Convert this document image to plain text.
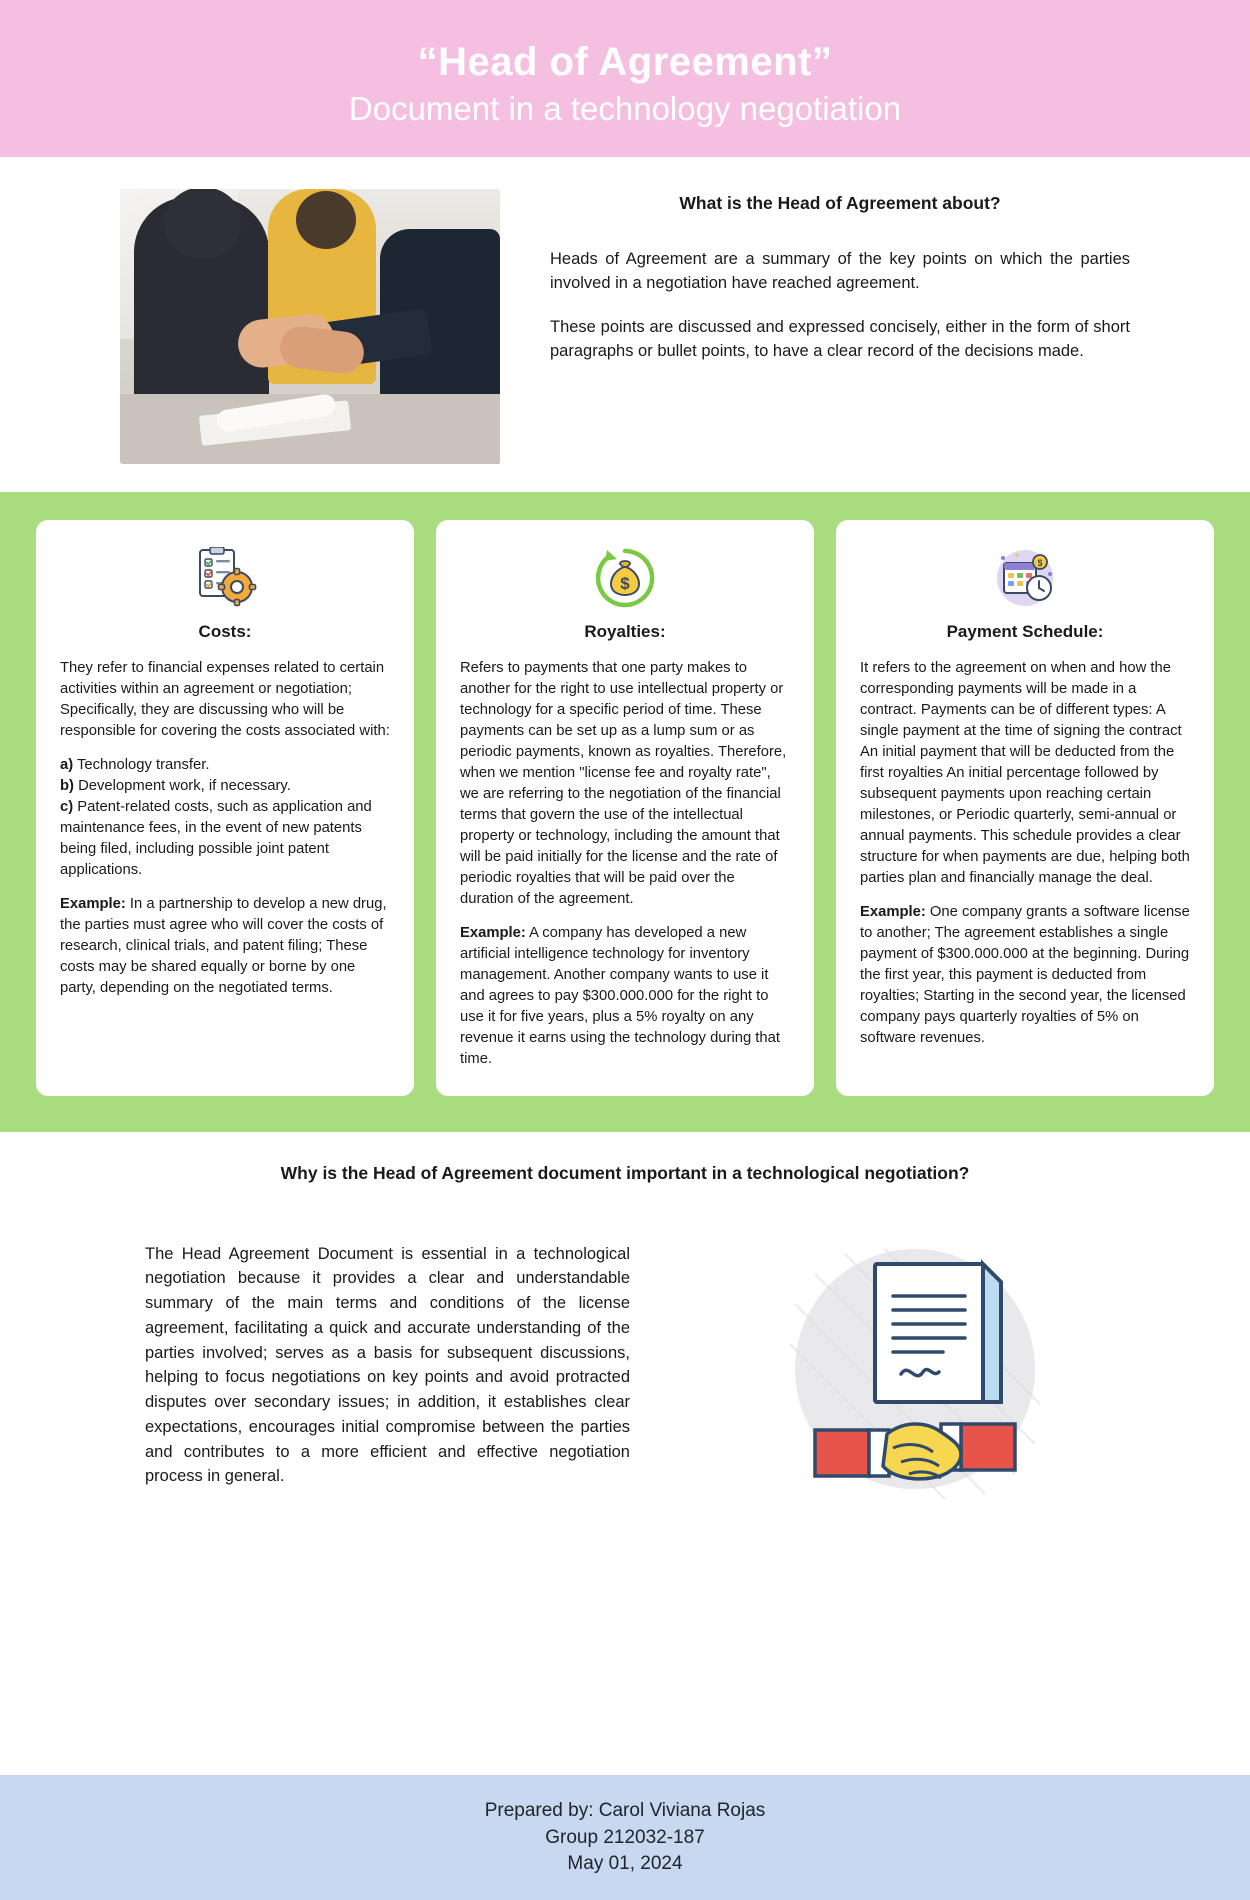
“Head of Agreement”
Document in a technology negotiation
What is the Head of Agreement about?

Heads of Agreement are a summary of the key points on which the parties involved in a negotiation have reached agreement.

These points are discussed and expressed concisely, either in the form of short paragraphs or bullet points, to have a clear record of the decisions made.

Costs:

They refer to financial expenses related to certain activities within an agreement or negotiation; Specifically, they are discussing who will be responsible for covering the costs associated with:

a) Technology transfer.
b) Development work, if necessary.
c) Patent-related costs, such as application and maintenance fees, in the event of new patents being filed, including possible joint patent applications.

Example: In a partnership to develop a new drug, the parties must agree who will cover the costs of research, clinical trials, and patent filing; These costs may be shared equally or borne by one party, depending on the negotiated terms.

$
Royalties:

Refers to payments that one party makes to another for the right to use intellectual property or technology for a specific period of time. These payments can be set up as a lump sum or as periodic payments, known as royalties. Therefore, when we mention "license fee and royalty rate", we are referring to the negotiation of the financial terms that govern the use of the intellectual property or technology, including the amount that will be paid initially for the license and the rate of periodic royalties that will be paid over the duration of the agreement.

Example: A company has developed a new artificial intelligence technology for inventory management. Another company wants to use it and agrees to pay $300.000.000 for the right to use it for five years, plus a 5% royalty on any revenue it earns using the technology during that time.

$
Payment Schedule:

It refers to the agreement on when and how the corresponding payments will be made in a contract. Payments can be of different types: A single payment at the time of signing the contract An initial payment that will be deducted from the first royalties An initial percentage followed by subsequent payments upon reaching certain milestones, or Periodic quarterly, semi-annual or annual payments. This schedule provides a clear structure for when payments are due, helping both parties plan and financially manage the deal.

Example: One company grants a software license to another; The agreement establishes a single payment of $300.000.000 at the beginning. During the first year, this payment is deducted from royalties; Starting in the second year, the licensed company pays quarterly royalties of 5% on software revenues.

Why is the Head of Agreement document important in a technological negotiation?
The Head Agreement Document is essential in a technological negotiation because it provides a clear and understandable summary of the main terms and conditions of the license agreement, facilitating a quick and accurate understanding of the parties involved; serves as a basis for subsequent discussions, helping to focus negotiations on key points and avoid protracted disputes over secondary issues; in addition, it establishes clear expectations, encourages initial compromise between the parties and contributes to a more efficient and effective negotiation process in general.
Prepared by: Carol Viviana Rojas
Group 212032-187
May 01, 2024
